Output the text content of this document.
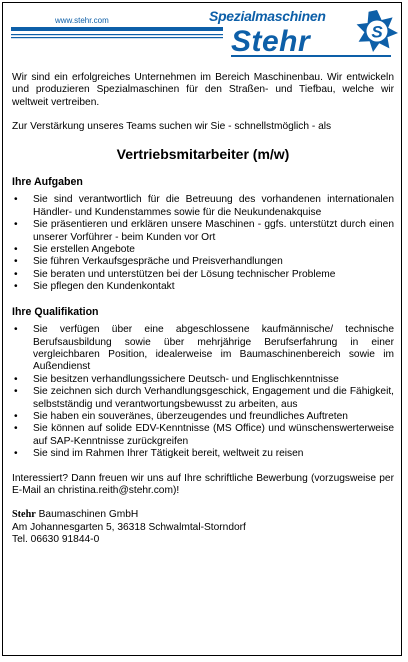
www.stehr.com	Spezialmaschinen
Stehr	S

Wir sind ein erfolgreiches Unternehmen im Bereich Maschinenbau. Wir entwickeln und produzieren Spezialmaschinen für den Straßen- und Tiefbau, welche wir weltweit vertreiben.

Zur Verstärkung unseres Teams suchen wir Sie - schnellstmöglich - als

Vertriebsmitarbeiter (m/w)
Ihre Aufgaben
• Sie sind verantwortlich für die Betreuung des vorhandenen internationalen Händler- und Kundenstammes sowie für die Neukundenakquise
• Sie präsentieren und erklären unsere Maschinen - ggfs. unterstützt durch einen unserer Vorführer - beim Kunden vor Ort
• Sie erstellen Angebote
• Sie führen Verkaufsgespräche und Preisverhandlungen
• Sie beraten und unterstützen bei der Lösung technischer Probleme
• Sie pflegen den Kundenkontakt
Ihre Qualifikation
• Sie verfügen über eine abgeschlossene kaufmännische/ technische Berufsausbildung sowie über mehrjährige Berufserfahrung in einer vergleichbaren Position, idealerweise im Baumaschinenbereich sowie im Außendienst
• Sie besitzen verhandlungssichere Deutsch- und Englischkenntnisse
• Sie zeichnen sich durch Verhandlungsgeschick, Engagement und die Fähigkeit, selbstständig und verantwortungsbewusst zu arbeiten, aus
• Sie haben ein souveränes, überzeugendes und freundliches Auftreten
• Sie können auf solide EDV-Kenntnisse (MS Office) und wünschenswerterweise auf SAP-Kenntnisse zurückgreifen
• Sie sind im Rahmen Ihrer Tätigkeit bereit, weltweit zu reisen

Interessiert? Dann freuen wir uns auf Ihre schriftliche Bewerbung (vorzugsweise per E-Mail an christina.reith@stehr.com)!

Stehr Baumaschinen GmbH
Am Johannesgarten 5, 36318 Schwalmtal-Storndorf
Tel. 06630 91844-0
